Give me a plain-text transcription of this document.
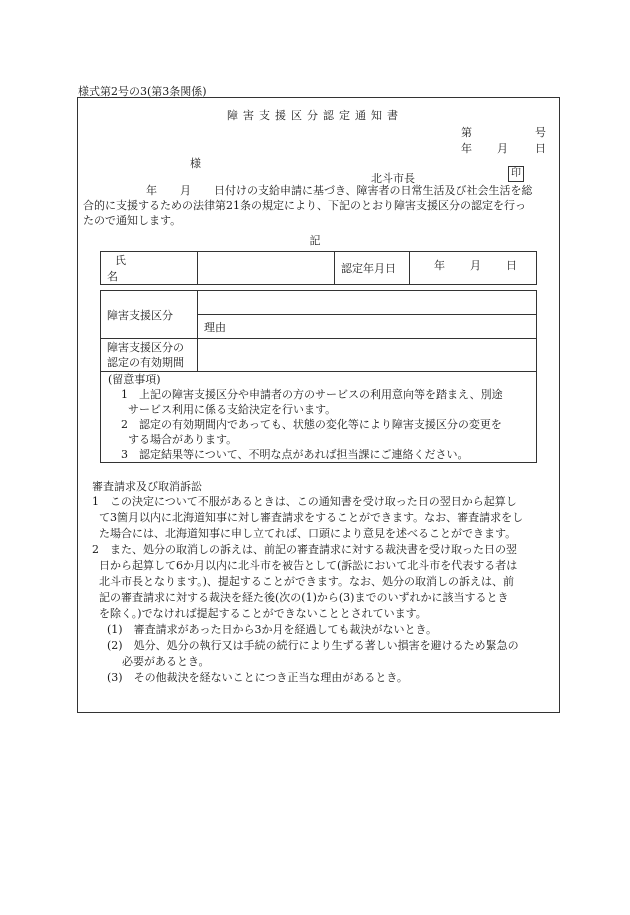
様式第2号の3(第3条関係)
障害支援区分認定通知書
第	号
年 月 日
様
北斗市長	印
年 月 日付けの支給申請に基づき、障害者の日常生活及び社会生活を総
合的に支援するための法律第21条の規定により、下記のとおり障害支援区分の認定を行っ
たので通知します。
記
氏名		認定年月日	年 月 日
障害支援区分	
	理由

障害支援区分の
認定の有効期間	

(留意事項)
1　上記の障害支援区分や申請者の方のサービスの利用意向等を踏まえ、別途
サービス利用に係る支給決定を行います。
2　認定の有効期間内であっても、状態の変化等により障害支援区分の変更を
する場合があります。
3　認定結果等について、不明な点があれば担当課にご連絡ください。
審査請求及び取消訴訟
1　この決定について不服があるときは、この通知書を受け取った日の翌日から起算し
て3箇月以内に北海道知事に対し審査請求をすることができます。なお、審査請求をし
た場合には、北海道知事に申し立てれば、口頭により意見を述べることができます。
2　また、処分の取消しの訴えは、前記の審査請求に対する裁決書を受け取った日の翌
日から起算して6か月以内に北斗市を被告として(訴訟において北斗市を代表する者は
北斗市長となります。)、提起することができます。なお、処分の取消しの訴えは、前
記の審査請求に対する裁決を経た後(次の(1)から(3)までのいずれかに該当するとき
を除く。)でなければ提起することができないこととされています。
(1)　審査請求があった日から3か月を経過しても裁決がないとき。
(2)　処分、処分の執行又は手続の続行により生ずる著しい損害を避けるため緊急の
必要があるとき。
(3)　その他裁決を経ないことにつき正当な理由があるとき。
